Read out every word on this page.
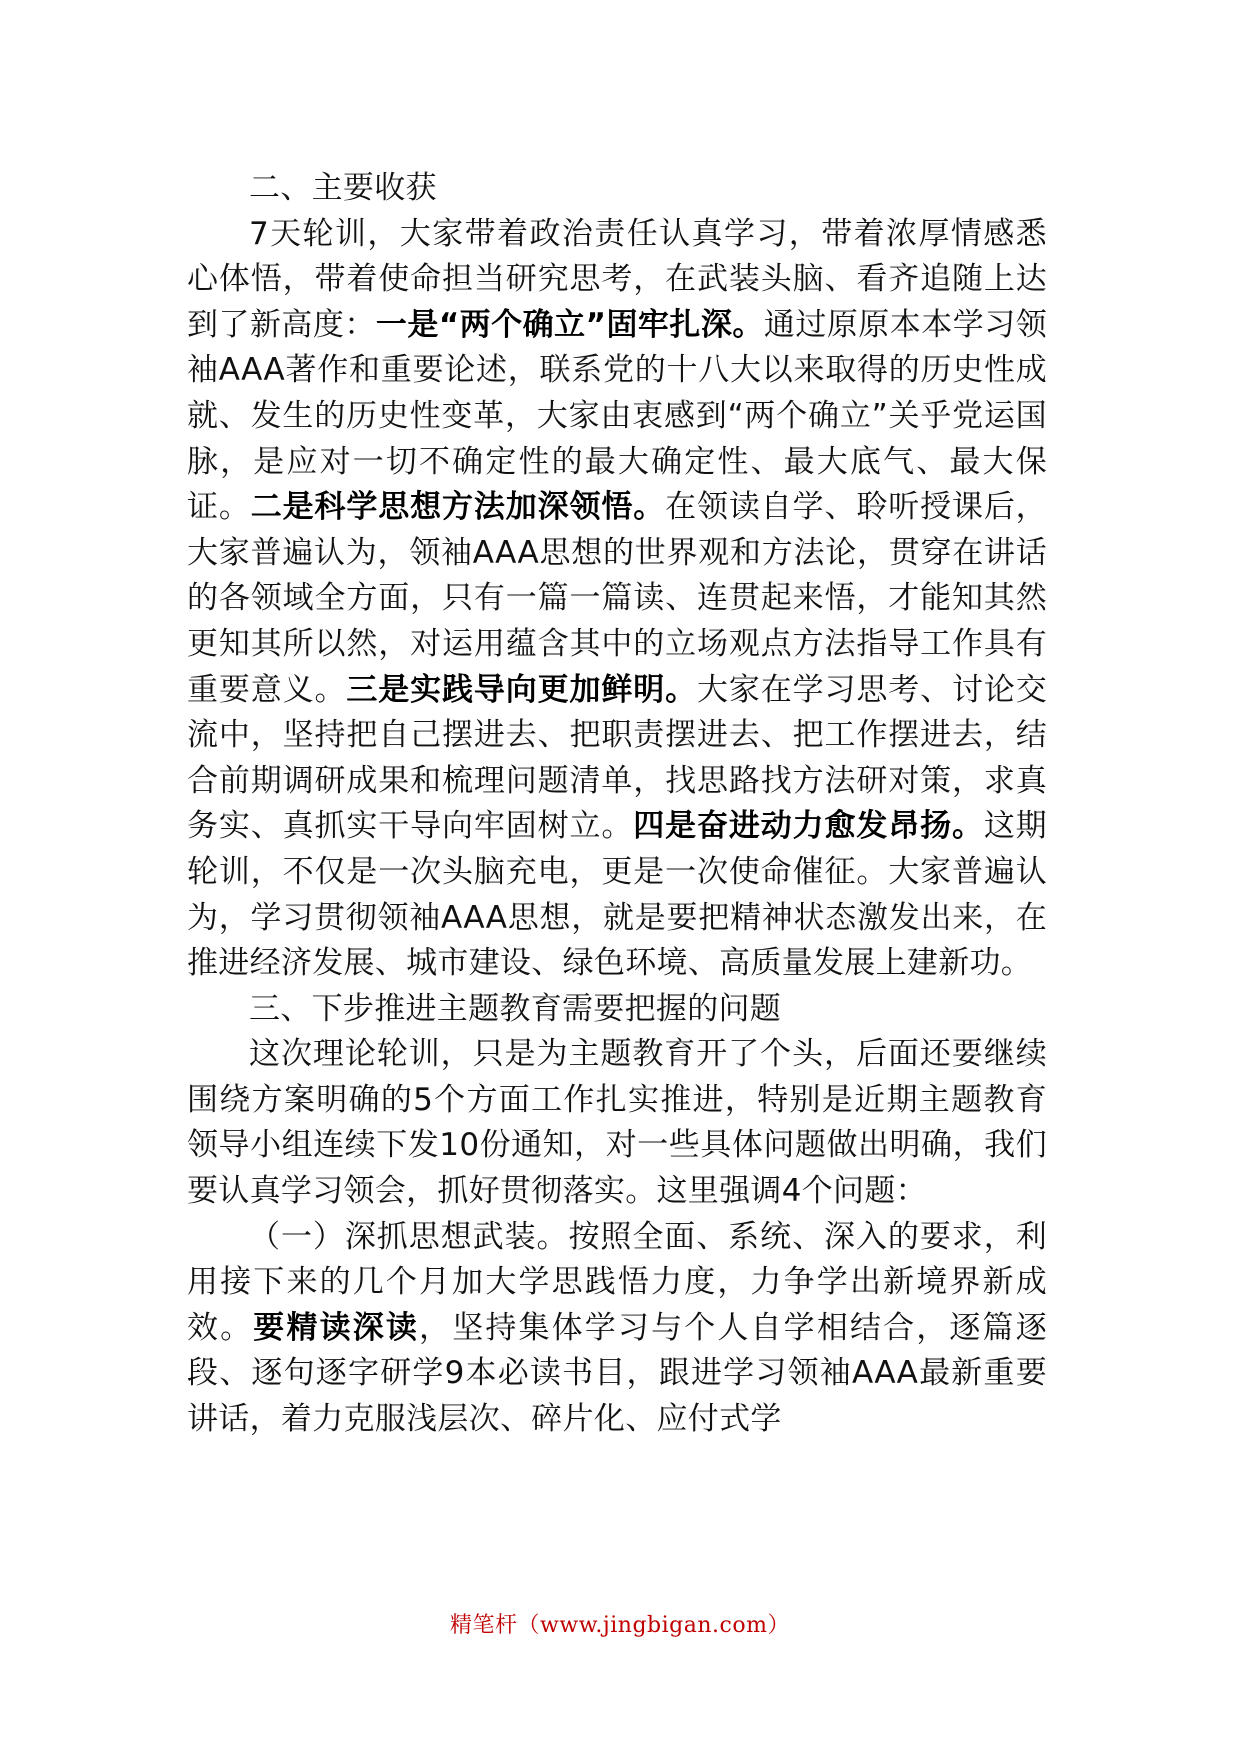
二、主要收获

7天轮训，大家带着政治责任认真学习，带着浓厚情感悉心体悟，带着使命担当研究思考，在武装头脑、看齐追随上达到了新高度：一是“两个确立”固牢扎深。通过原原本本学习领袖AAA著作和重要论述，联系党的十八大以来取得的历史性成就、发生的历史性变革，大家由衷感到“两个确立”关乎党运国脉，是应对一切不确定性的最大确定性、最大底气、最大保证。二是科学思想方法加深领悟。在领读自学、聆听授课后，大家普遍认为，领袖AAA思想的世界观和方法论，贯穿在讲话的各领域全方面，只有一篇一篇读、连贯起来悟，才能知其然更知其所以然，对运用蕴含其中的立场观点方法指导工作具有重要意义。三是实践导向更加鲜明。大家在学习思考、讨论交流中，坚持把自己摆进去、把职责摆进去、把工作摆进去，结合前期调研成果和梳理问题清单，找思路找方法研对策，求真务实、真抓实干导向牢固树立。四是奋进动力愈发昂扬。这期轮训，不仅是一次头脑充电，更是一次使命催征。大家普遍认为，学习贯彻领袖AAA思想，就是要把精神状态激发出来，在推进经济发展、城市建设、绿色环境、高质量发展上建新功。

三、下步推进主题教育需要把握的问题

这次理论轮训，只是为主题教育开了个头，后面还要继续围绕方案明确的5个方面工作扎实推进，特别是近期主题教育领导小组连续下发10份通知，对一些具体问题做出明确，我们要认真学习领会，抓好贯彻落实。这里强调4个问题：

（一）深抓思想武装。按照全面、系统、深入的要求，利用接下来的几个月加大学思践悟力度，力争学出新境界新成效。要精读深读，坚持集体学习与个人自学相结合，逐篇逐段、逐句逐字研学9本必读书目，跟进学习领袖AAA最新重要讲话，着力克服浅层次、碎片化、应付式学

精笔杆（www.jingbigan.com）
